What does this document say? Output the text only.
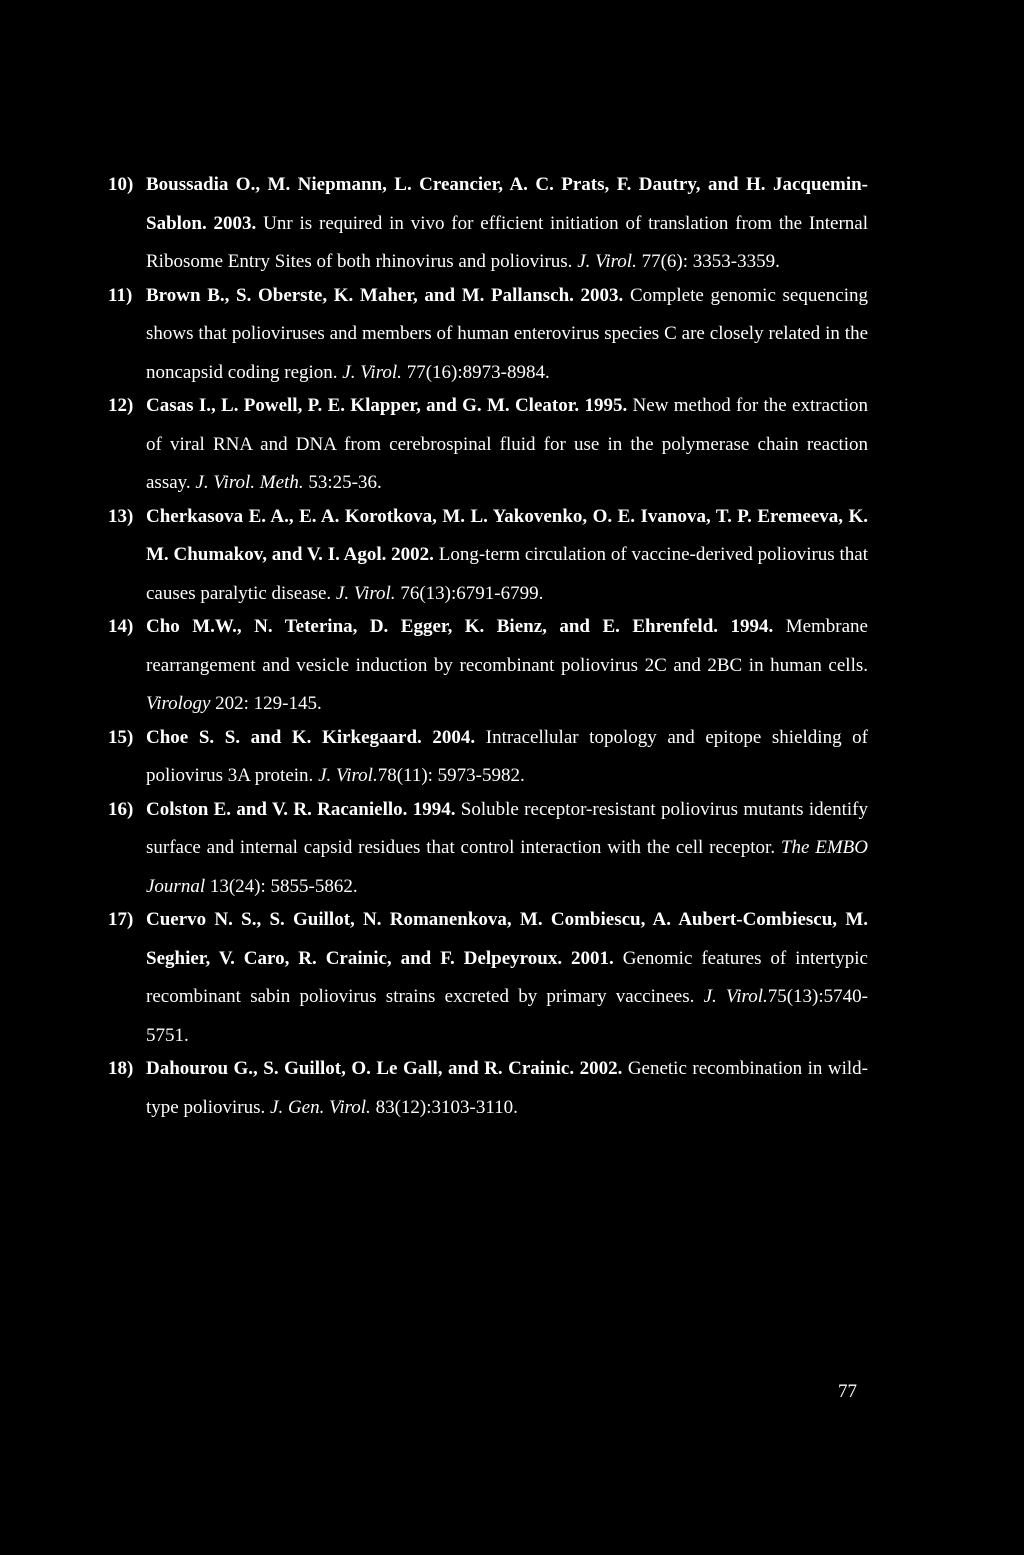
10) Boussadia O., M. Niepmann, L. Creancier, A. C. Prats, F. Dautry, and H. Jacquemin-Sablon. 2003. Unr is required in vivo for efficient initiation of translation from the Internal Ribosome Entry Sites of both rhinovirus and poliovirus. J. Virol. 77(6): 3353-3359.
11) Brown B., S. Oberste, K. Maher, and M. Pallansch. 2003. Complete genomic sequencing shows that polioviruses and members of human enterovirus species C are closely related in the noncapsid coding region. J. Virol. 77(16):8973-8984.
12) Casas I., L. Powell, P. E. Klapper, and G. M. Cleator. 1995. New method for the extraction of viral RNA and DNA from cerebrospinal fluid for use in the polymerase chain reaction assay. J. Virol. Meth. 53:25-36.
13) Cherkasova E. A., E. A. Korotkova, M. L. Yakovenko, O. E. Ivanova, T. P. Eremeeva, K. M. Chumakov, and V. I. Agol. 2002. Long-term circulation of vaccine-derived poliovirus that causes paralytic disease. J. Virol. 76(13):6791-6799.
14) Cho M.W., N. Teterina, D. Egger, K. Bienz, and E. Ehrenfeld. 1994. Membrane rearrangement and vesicle induction by recombinant poliovirus 2C and 2BC in human cells. Virology 202: 129-145.
15) Choe S. S. and K. Kirkegaard. 2004. Intracellular topology and epitope shielding of poliovirus 3A protein. J. Virol.78(11): 5973-5982.
16) Colston E. and V. R. Racaniello. 1994. Soluble receptor-resistant poliovirus mutants identify surface and internal capsid residues that control interaction with the cell receptor. The EMBO Journal 13(24): 5855-5862.
17) Cuervo N. S., S. Guillot, N. Romanenkova, M. Combiescu, A. Aubert-Combiescu, M. Seghier, V. Caro, R. Crainic, and F. Delpeyroux. 2001. Genomic features of intertypic recombinant sabin poliovirus strains excreted by primary vaccinees. J. Virol.75(13):5740-5751.
18) Dahourou G., S. Guillot, O. Le Gall, and R. Crainic. 2002. Genetic recombination in wild-type poliovirus. J. Gen. Virol. 83(12):3103-3110.
77
